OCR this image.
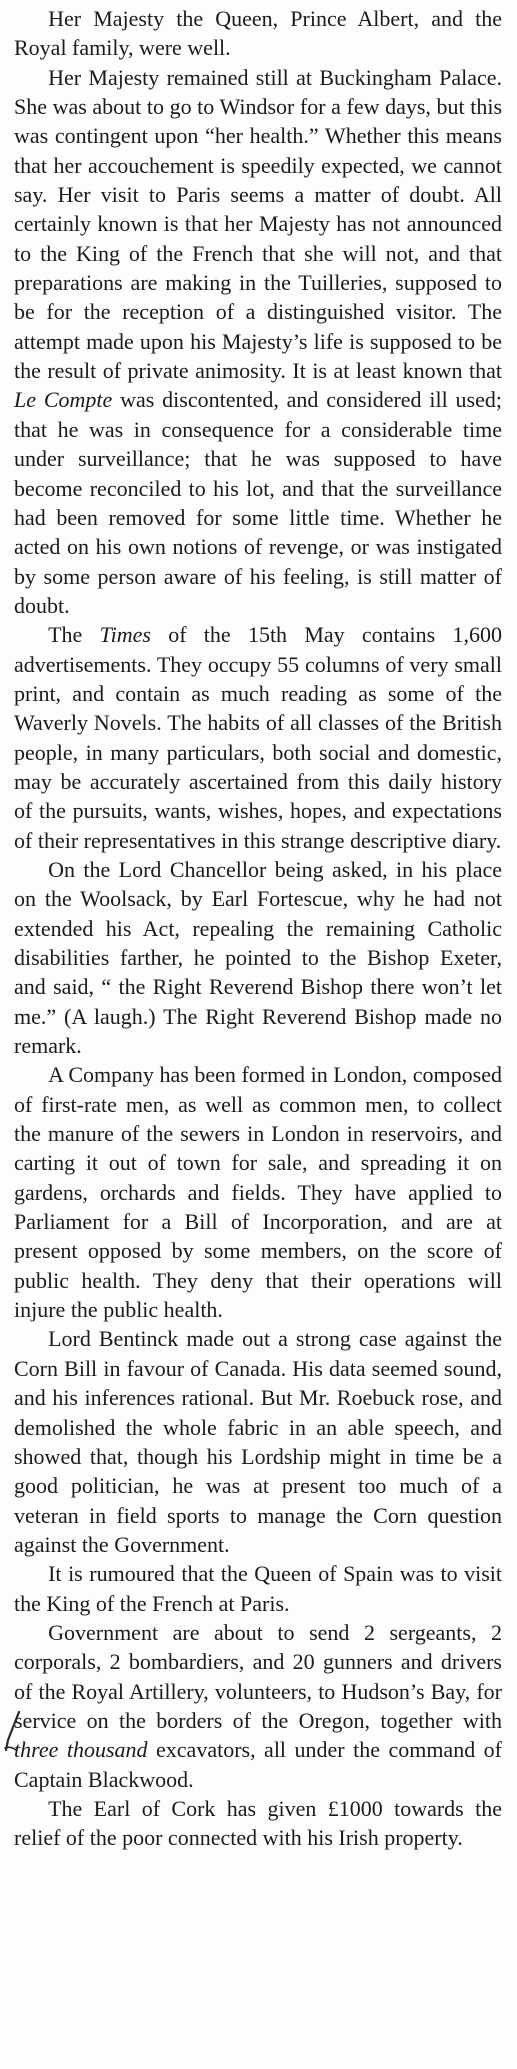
Her Majesty the Queen, Prince Albert, and the Royal family, were well.

Her Majesty remained still at Buckingham Palace. She was about to go to Windsor for a few days, but this was contingent upon “her health.” Whether this means that her accouchement is speedily expected, we cannot say. Her visit to Paris seems a matter of doubt. All certainly known is that her Majesty has not announced to the King of the French that she will not, and that preparations are making in the Tuilleries, supposed to be for the reception of a distinguished visitor. The attempt made upon his Majesty’s life is supposed to be the result of private animosity. It is at least known that Le Compte was discontented, and considered ill used; that he was in consequence for a considerable time under surveillance; that he was supposed to have become reconciled to his lot, and that the surveillance had been removed for some little time. Whether he acted on his own notions of revenge, or was instigated by some person aware of his feeling, is still matter of doubt.

The Times of the 15th May contains 1,600 advertisements. They occupy 55 columns of very small print, and contain as much reading as some of the Waverly Novels. The habits of all classes of the British people, in many particulars, both social and domestic, may be accurately ascertained from this daily history of the pursuits, wants, wishes, hopes, and expectations of their representatives in this strange descriptive diary.

On the Lord Chancellor being asked, in his place on the Woolsack, by Earl Fortescue, why he had not extended his Act, repealing the remaining Catholic disabilities farther, he pointed to the Bishop Exeter, and said, “ the Right Reverend Bishop there won’t let me.” (A laugh.) The Right Reverend Bishop made no remark.

A Company has been formed in London, composed of first-rate men, as well as common men, to collect the manure of the sewers in London in reservoirs, and carting it out of town for sale, and spreading it on gardens, orchards and fields. They have applied to Parliament for a Bill of Incorporation, and are at present opposed by some members, on the score of public health. They deny that their operations will injure the public health.

Lord Bentinck made out a strong case against the Corn Bill in favour of Canada. His data seemed sound, and his inferences rational. But Mr. Roebuck rose, and demolished the whole fabric in an able speech, and showed that, though his Lordship might in time be a good politician, he was at present too much of a veteran in field sports to manage the Corn question against the Government.

It is rumoured that the Queen of Spain was to visit the King of the French at Paris.

Government are about to send 2 sergeants, 2 corporals, 2 bombardiers, and 20 gunners and drivers of the Royal Artillery, volunteers, to Hudson’s Bay, for service on the borders of the Oregon, together with three thousand excavators, all under the command of Captain Blackwood.

The Earl of Cork has given £1000 towards the relief of the poor connected with his Irish property.
